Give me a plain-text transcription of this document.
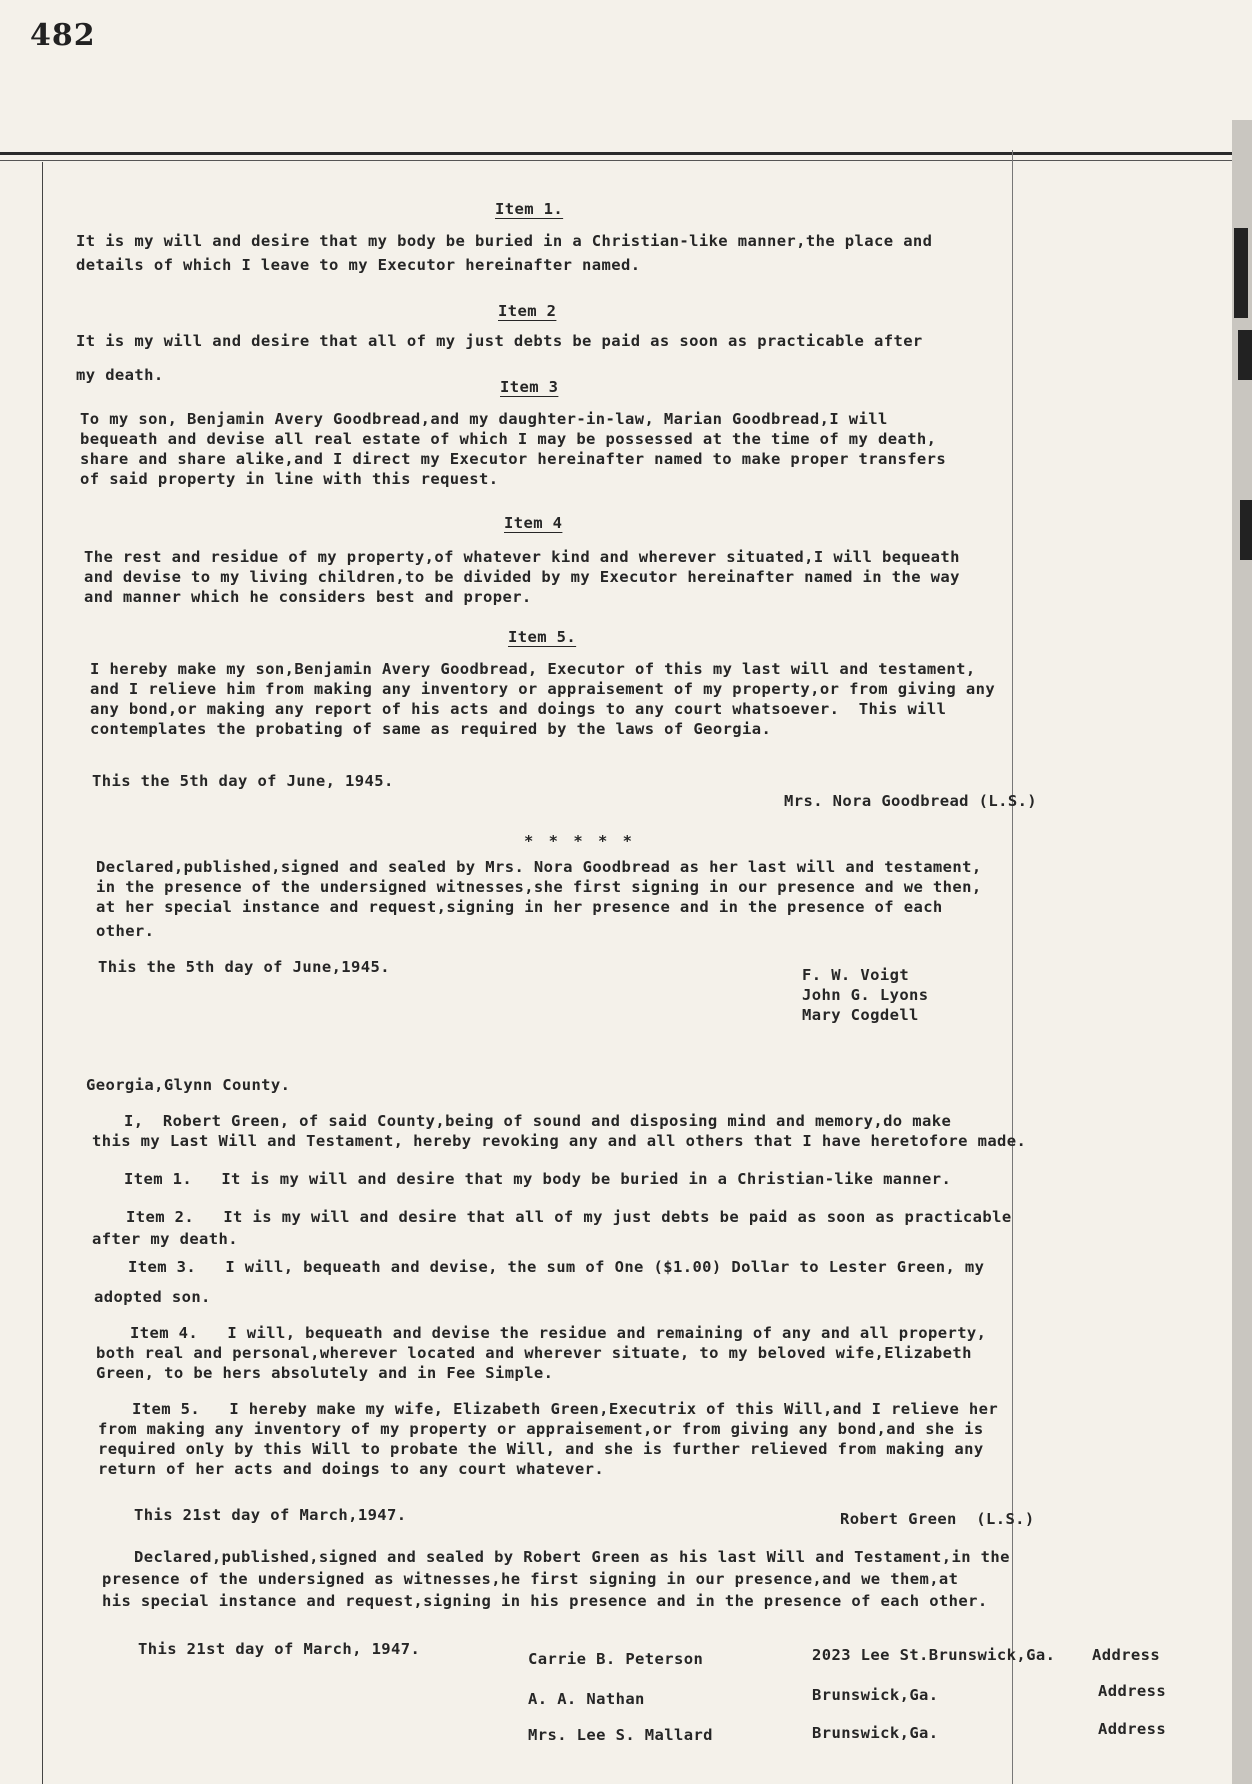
482
Item 1.
It is my will and desire that my body be buried in a Christian-like manner,the place and
details of which I leave to my Executor hereinafter named.
Item 2
It is my will and desire that all of my just debts be paid as soon as practicable after
my death.
Item 3
To my son, Benjamin Avery Goodbread,and my daughter-in-law, Marian Goodbread,I will
bequeath and devise all real estate of which I may be possessed at the time of my death,
share and share alike,and I direct my Executor hereinafter named to make proper transfers
of said property in line with this request.
Item 4
The rest and residue of my property,of whatever kind and wherever situated,I will bequeath
and devise to my living children,to be divided by my Executor hereinafter named in the way
and manner which he considers best and proper.
Item 5.
I hereby make my son,Benjamin Avery Goodbread, Executor of this my last will and testament,
and I relieve him from making any inventory or appraisement of my property,or from giving any
any bond,or making any report of his acts and doings to any court whatsoever.  This will
contemplates the probating of same as required by the laws of Georgia.
This the 5th day of June, 1945.
Mrs. Nora Goodbread (L.S.)
* * * * *
Declared,published,signed and sealed by Mrs. Nora Goodbread as her last will and testament,
in the presence of the undersigned witnesses,she first signing in our presence and we then,
at her special instance and request,signing in her presence and in the presence of each
other.
This the 5th day of June,1945.	F. W. Voigt
John G. Lyons
Mary Cogdell
Georgia,Glynn County.
I,  Robert Green, of said County,being of sound and disposing mind and memory,do make
this my Last Will and Testament, hereby revoking any and all others that I have heretofore made.
Item 1.   It is my will and desire that my body be buried in a Christian-like manner.
Item 2.   It is my will and desire that all of my just debts be paid as soon as practicable
after my death.
Item 3.   I will, bequeath and devise, the sum of One ($1.00) Dollar to Lester Green, my
adopted son.
Item 4.   I will, bequeath and devise the residue and remaining of any and all property,
both real and personal,wherever located and wherever situate, to my beloved wife,Elizabeth
Green, to be hers absolutely and in Fee Simple.
Item 5.   I hereby make my wife, Elizabeth Green,Executrix of this Will,and I relieve her
from making any inventory of my property or appraisement,or from giving any bond,and she is
required only by this Will to probate the Will, and she is further relieved from making any
return of her acts and doings to any court whatever.
This 21st day of March,1947.	Robert Green  (L.S.)
Declared,published,signed and sealed by Robert Green as his last Will and Testament,in the
presence of the undersigned as witnesses,he first signing in our presence,and we them,at
his special instance and request,signing in his presence and in the presence of each other.
This 21st day of March, 1947.
Carrie B. Peterson	2023 Lee St.Brunswick,Ga. Address
A. A. Nathan	Brunswick,Ga.	Address
Mrs. Lee S. Mallard	Brunswick,Ga.	Address
